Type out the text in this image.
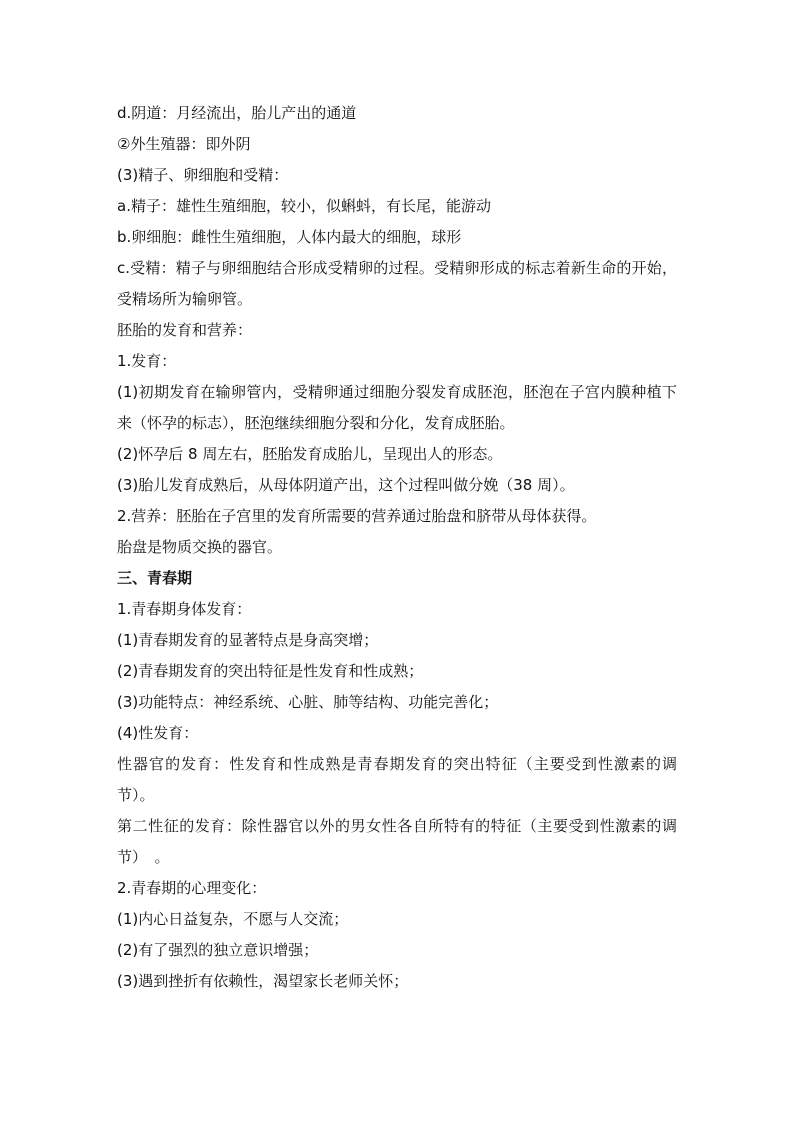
d.阴道：月经流出，胎儿产出的通道

②外生殖器：即外阴

(3)精子、卵细胞和受精：

a.精子：雄性生殖细胞，较小，似蝌蚪，有长尾，能游动

b.卵细胞：雌性生殖细胞，人体内最大的细胞，球形

c.受精：精子与卵细胞结合形成受精卵的过程。受精卵形成的标志着新生命的开始，受精场所为输卵管。

胚胎的发育和营养：

1.发育：

(1)初期发育在输卵管内，受精卵通过细胞分裂发育成胚泡，胚泡在子宫内膜种植下来（怀孕的标志），胚泡继续细胞分裂和分化，发育成胚胎。

(2)怀孕后 8 周左右，胚胎发育成胎儿，呈现出人的形态。

(3)胎儿发育成熟后，从母体阴道产出，这个过程叫做分娩（38 周）。

2.营养：胚胎在子宫里的发育所需要的营养通过胎盘和脐带从母体获得。

胎盘是物质交换的器官。

三、青春期

1.青春期身体发育：

(1)青春期发育的显著特点是身高突增；

(2)青春期发育的突出特征是性发育和性成熟；

(3)功能特点：神经系统、心脏、肺等结构、功能完善化；

(4)性发育：

性器官的发育：性发育和性成熟是青春期发育的突出特征（主要受到性激素的调节）。

第二性征的发育：除性器官以外的男女性各自所特有的特征（主要受到性激素的调节）　。

2.青春期的心理变化：

(1)内心日益复杂，不愿与人交流；

(2)有了强烈的独立意识增强；

(3)遇到挫折有依赖性，渴望家长老师关怀；
